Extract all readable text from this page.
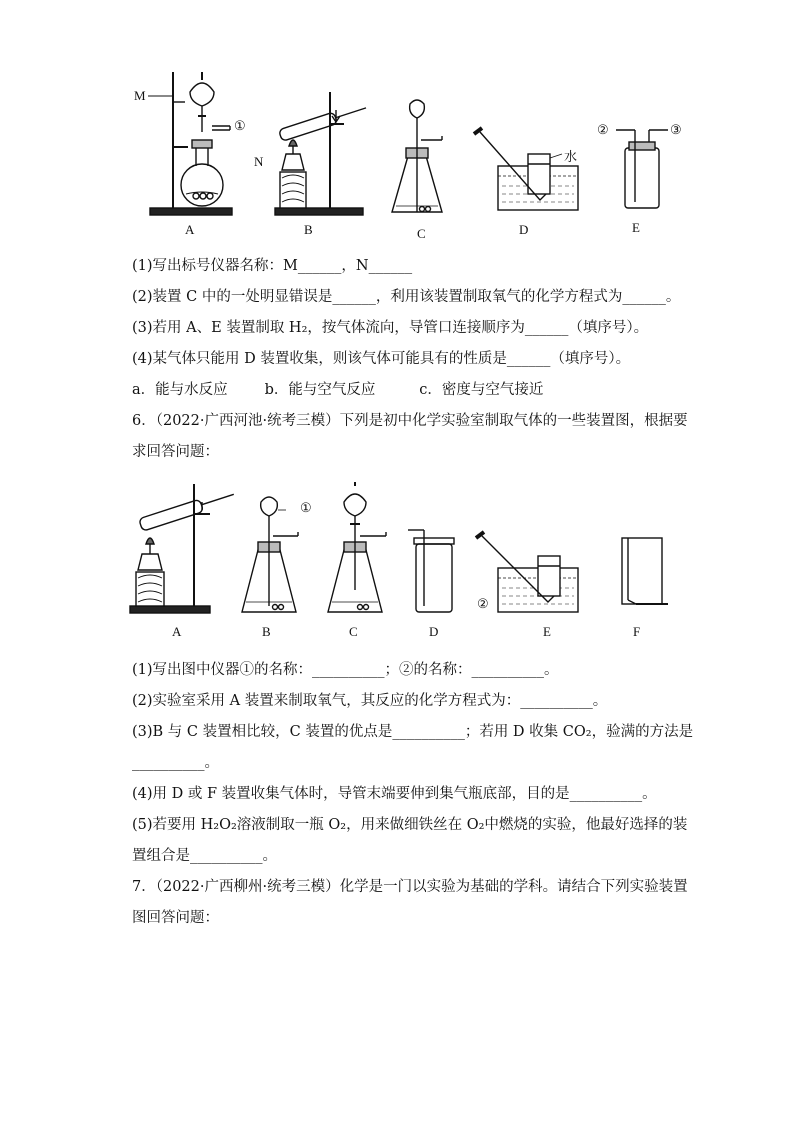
A	B	C	D	E
M
N
①	②	③
水
(1)写出标号仪器名称：M______，N______
(2)装置 C 中的一处明显错误是______，利用该装置制取氧气的化学方程式为______。
(3)若用 A、E 装置制取 H₂，按气体流向，导管口连接顺序为______（填序号）。
(4)某气体只能用 D 装置收集，则该气体可能具有的性质是______（填序号）。
a．能与水反应	b．能与空气反应	c．密度与空气接近
6．（2022·广西河池·统考三模）下列是初中化学实验室制取气体的一些装置图，根据要
求回答问题：
A	B	C	D	E	F
①
②
(1)写出图中仪器①的名称：__________；②的名称：__________。
(2)实验室采用 A 装置来制取氧气，其反应的化学方程式为：__________。
(3)B 与 C 装置相比较，C 装置的优点是__________；若用 D 收集 CO₂，验满的方法是
__________。
(4)用 D 或 F 装置收集气体时，导管末端要伸到集气瓶底部，目的是__________。
(5)若要用 H₂O₂溶液制取一瓶 O₂，用来做细铁丝在 O₂中燃烧的实验，他最好选择的装
置组合是__________。
7．（2022·广西柳州·统考三模）化学是一门以实验为基础的学科。请结合下列实验装置
图回答问题：
